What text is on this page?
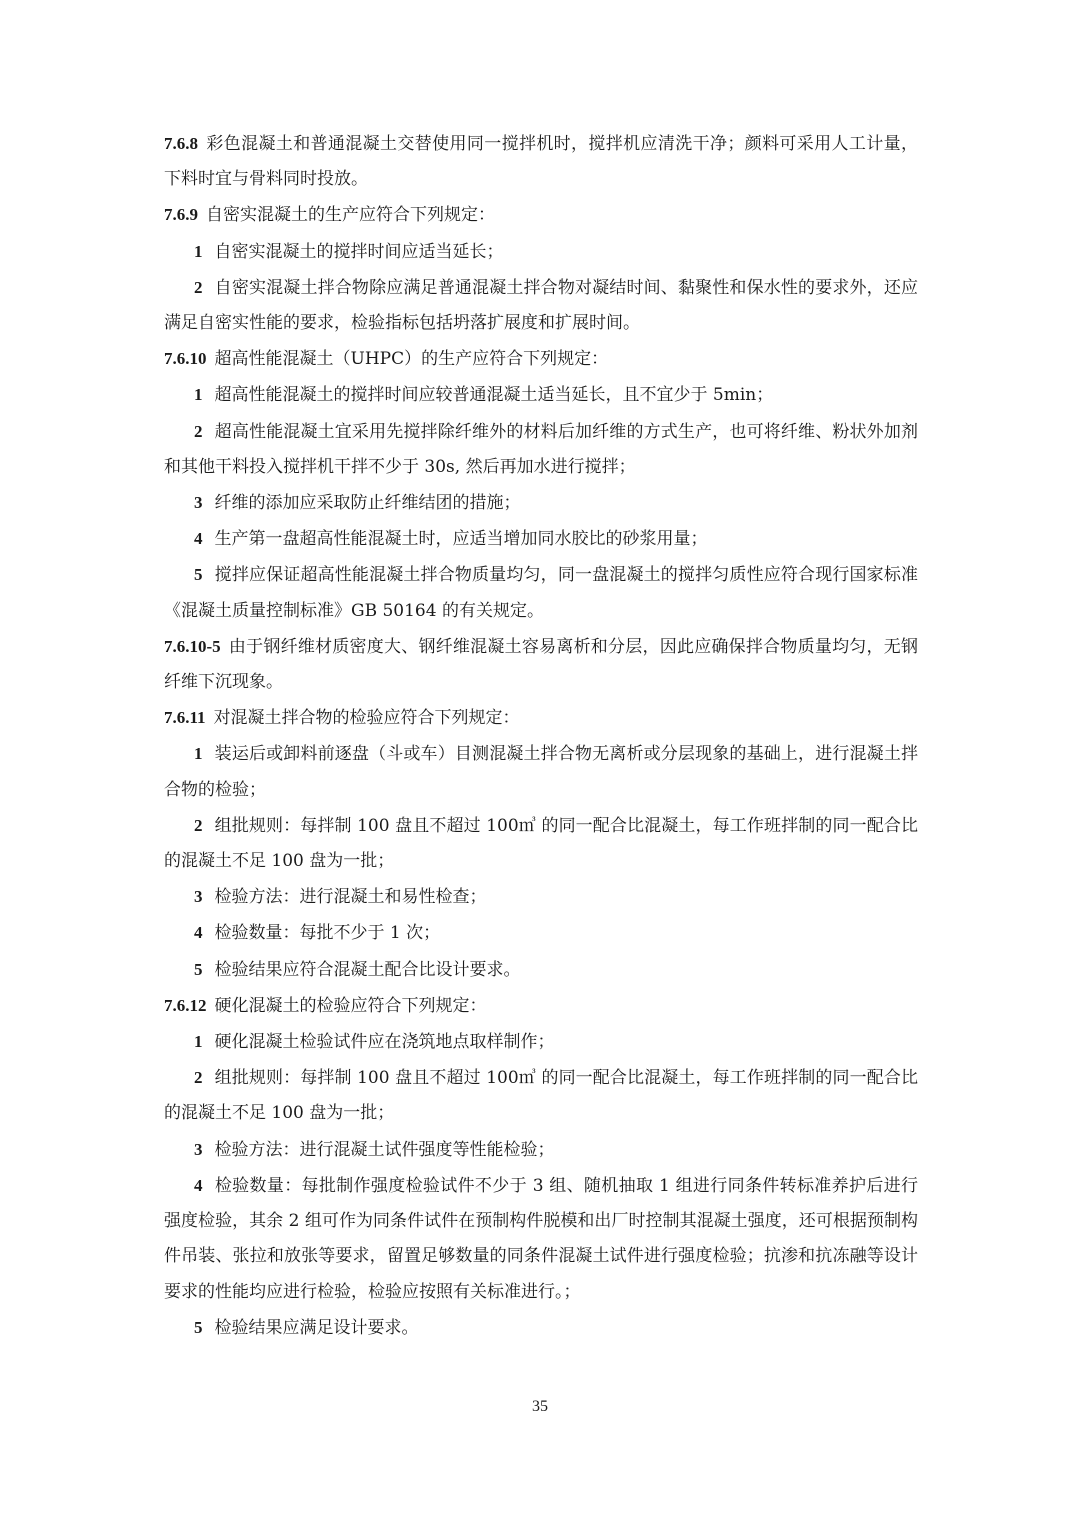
7.6.8 彩色混凝土和普通混凝土交替使用同一搅拌机时，搅拌机应清洗干净；颜料可采用人工计量，下料时宜与骨料同时投放。

7.6.9 自密实混凝土的生产应符合下列规定：

1 自密实混凝土的搅拌时间应适当延长；

2 自密实混凝土拌合物除应满足普通混凝土拌合物对凝结时间、黏聚性和保水性的要求外，还应满足自密实性能的要求，检验指标包括坍落扩展度和扩展时间。

7.6.10 超高性能混凝土（UHPC）的生产应符合下列规定：

1 超高性能混凝土的搅拌时间应较普通混凝土适当延长，且不宜少于 5min；

2 超高性能混凝土宜采用先搅拌除纤维外的材料后加纤维的方式生产，也可将纤维、粉状外加剂和其他干料投入搅拌机干拌不少于 30s, 然后再加水进行搅拌；

3 纤维的添加应采取防止纤维结团的措施；

4 生产第一盘超高性能混凝土时，应适当增加同水胶比的砂浆用量；

5 搅拌应保证超高性能混凝土拌合物质量均匀，同一盘混凝土的搅拌匀质性应符合现行国家标准《混凝土质量控制标准》GB 50164 的有关规定。

7.6.10-5 由于钢纤维材质密度大、钢纤维混凝土容易离析和分层，因此应确保拌合物质量均匀，无钢纤维下沉现象。

7.6.11 对混凝土拌合物的检验应符合下列规定：

1 装运后或卸料前逐盘（斗或车）目测混凝土拌合物无离析或分层现象的基础上，进行混凝土拌合物的检验；

2 组批规则：每拌制 100 盘且不超过 100㎥ 的同一配合比混凝土，每工作班拌制的同一配合比的混凝土不足 100 盘为一批；

3 检验方法：进行混凝土和易性检查；

4 检验数量：每批不少于 1 次；

5 检验结果应符合混凝土配合比设计要求。

7.6.12 硬化混凝土的检验应符合下列规定：

1 硬化混凝土检验试件应在浇筑地点取样制作；

2 组批规则：每拌制 100 盘且不超过 100㎥ 的同一配合比混凝土，每工作班拌制的同一配合比的混凝土不足 100 盘为一批；

3 检验方法：进行混凝土试件强度等性能检验；

4 检验数量：每批制作强度检验试件不少于 3 组、随机抽取 1 组进行同条件转标准养护后进行强度检验，其余 2 组可作为同条件试件在预制构件脱模和出厂时控制其混凝土强度，还可根据预制构件吊装、张拉和放张等要求，留置足够数量的同条件混凝土试件进行强度检验；抗渗和抗冻融等设计要求的性能均应进行检验，检验应按照有关标准进行。；

5 检验结果应满足设计要求。

35
